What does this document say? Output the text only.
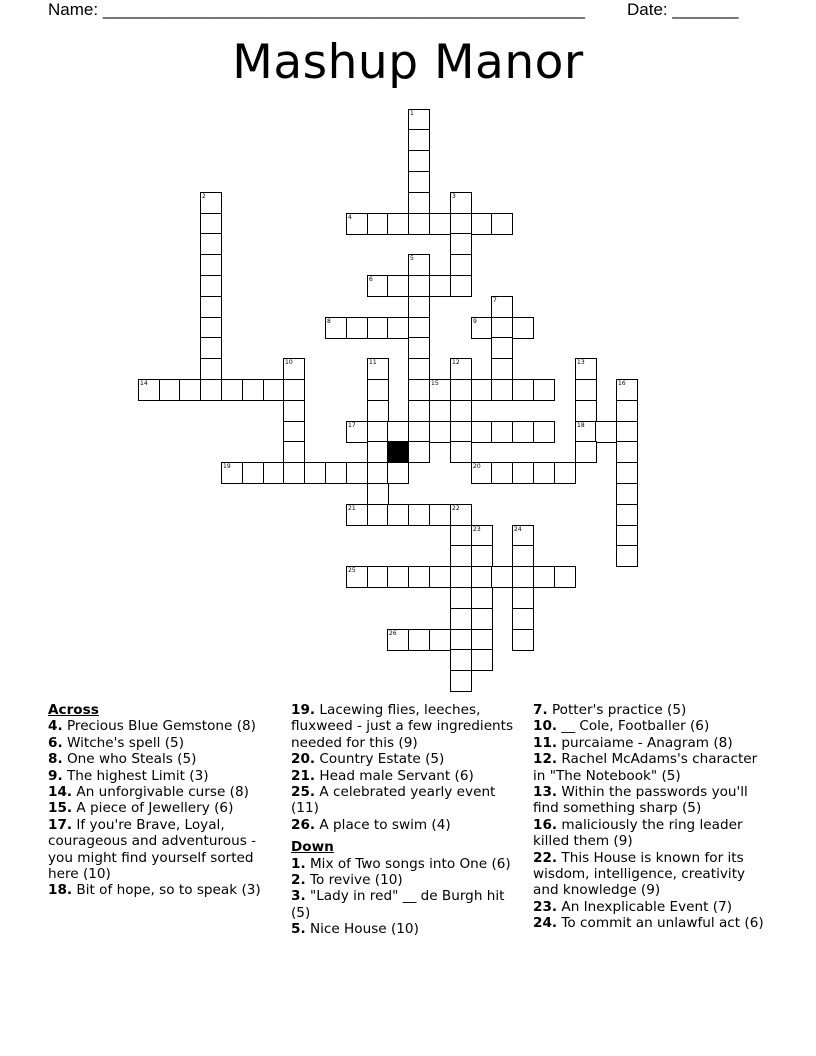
Name: ___________________________________________________ Date: _______
Mashup Manor
4
6
8	9
14	15
17	18
19	20
21	22
25
26
1
2	3
5
7
10	11	12	13
16
23	24
Across
4. Precious Blue Gemstone (8)
6. Witche's spell (5)
8. One who Steals (5)
9. The highest Limit (3)
14. An unforgivable curse (8)
15. A piece of Jewellery (6)
17. If you're Brave, Loyal, courageous and adventurous - you might find yourself sorted here (10)
18. Bit of hope, so to speak (3)
19. Lacewing flies, leeches, fluxweed - just a few ingredients needed for this (9)
20. Country Estate (5)
21. Head male Servant (6)
25. A celebrated yearly event (11)
26. A place to swim (4)
Down
1. Mix of Two songs into One (6)
2. To revive (10)
3. "Lady in red" __ de Burgh hit (5)
5. Nice House (10)
7. Potter's practice (5)
10. __ Cole, Footballer (6)
11. purcaiame - Anagram (8)
12. Rachel McAdams's character in "The Notebook" (5)
13. Within the passwords you'll find something sharp (5)
16. maliciously the ring leader killed them (9)
22. This House is known for its wisdom, intelligence, creativity and knowledge (9)
23. An Inexplicable Event (7)
24. To commit an unlawful act (6)
